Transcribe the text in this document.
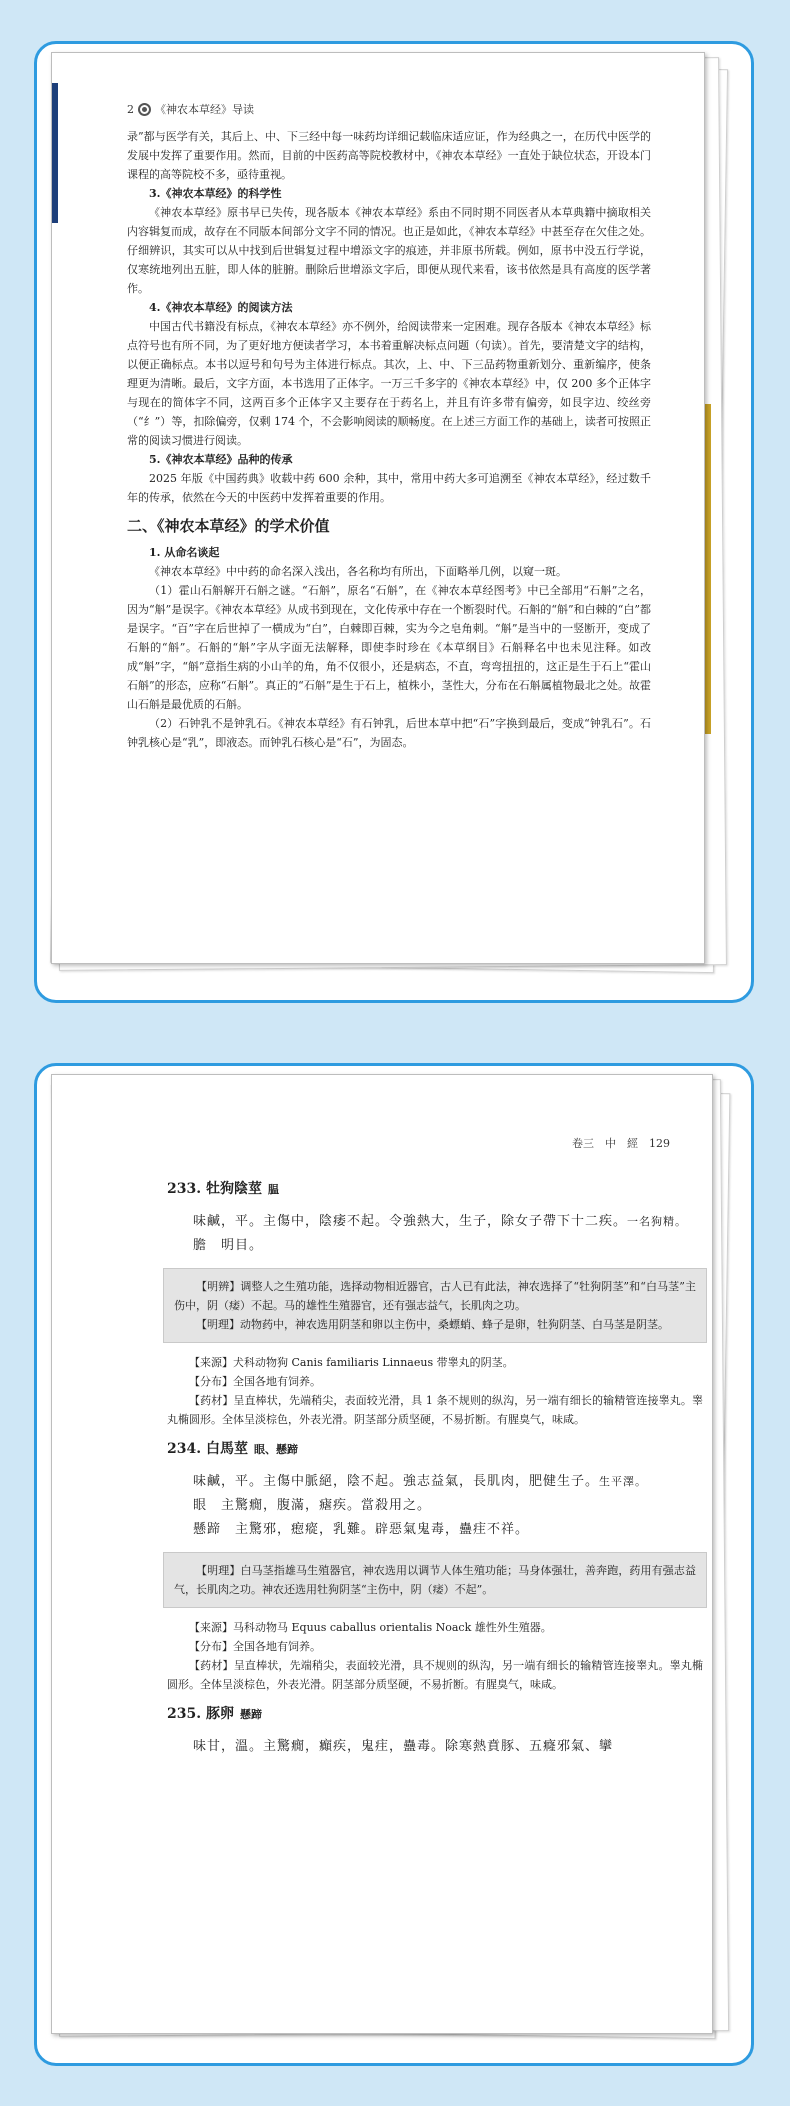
2 《神农本草经》导读

录”都与医学有关，其后上、中、下三经中每一味药均详细记载临床适应证，作为经典之一，在历代中医学的发展中发挥了重要作用。然而，目前的中医药高等院校教材中，《神农本草经》一直处于缺位状态，开设本门课程的高等院校不多，亟待重视。

3.《神农本草经》的科学性

《神农本草经》原书早已失传，现各版本《神农本草经》系由不同时期不同医者从本草典籍中摘取相关内容辑复而成，故存在不同版本间部分文字不同的情况。也正是如此，《神农本草经》中甚至存在欠佳之处。仔细辨识，其实可以从中找到后世辑复过程中增添文字的痕迹，并非原书所载。例如，原书中没五行学说，仅寒统地列出五脏，即人体的脏腑。删除后世增添文字后，即便从现代来看，该书依然是具有高度的医学著作。

4.《神农本草经》的阅读方法

中国古代书籍没有标点，《神农本草经》亦不例外，给阅读带来一定困难。现存各版本《神农本草经》标点符号也有所不同，为了更好地方便读者学习，本书着重解决标点问题（句读）。首先，要清楚文字的结构，以便正确标点。本书以逗号和句号为主体进行标点。其次，上、中、下三品药物重新划分、重新编序，使条理更为清晰。最后，文字方面，本书选用了正体字。一万三千多字的《神农本草经》中，仅 200 多个正体字与现在的简体字不同，这两百多个正体字又主要存在于药名上，并且有许多带有偏旁，如艮字边、绞丝旁（“纟”）等，扣除偏旁，仅剩 174 个，不会影响阅读的顺畅度。在上述三方面工作的基础上，读者可按照正常的阅读习惯进行阅读。

5.《神农本草经》品种的传承

2025 年版《中国药典》收载中药 600 余种，其中，常用中药大多可追溯至《神农本草经》，经过数千年的传承，依然在今天的中医药中发挥着重要的作用。

二、《神农本草经》的学术价值
1. 从命名谈起

《神农本草经》中中药的命名深入浅出，各名称均有所出，下面略举几例，以窥一斑。

（1）霍山石斛解开石斛之谜。“石斛”，原名“石斛”，在《神农本草经图考》中已全部用“石斛”之名，因为“斛”是误字。《神农本草经》从成书到现在，文化传承中存在一个断裂时代。石斛的“斛”和白棘的“白”都是误字。“百”字在后世掉了一横成为“白”，白棘即百棘，实为今之皂角刺。“斛”是当中的一竖断开，变成了石斛的“斛”。石斛的“斛”字从字面无法解释，即使李时珍在《本草纲目》石斛释名中也未见注释。如改成“斛”字，“斛”意指生病的小山羊的角，角不仅很小，还是病态，不直，弯弯扭扭的，这正是生于石上“霍山石斛”的形态，应称“石斛”。真正的“石斛”是生于石上，植株小，茎性大，分布在石斛属植物最北之处。故霍山石斛是最优质的石斛。

（2）石钟乳不是钟乳石。《神农本草经》有石钟乳，后世本草中把“石”字换到最后，变成“钟乳石”。石钟乳核心是“乳”，即液态。而钟乳石核心是“石”，为固态。

卷三　中　經　129

233. 牡狗陰莖 腽

味鹹，平。主傷中，陰痿不起。令強熱大，生子，除女子帶下十二疾。一名狗精。

膽　明目。

【明辨】调整人之生殖功能，选择动物相近器官，古人已有此法，神农选择了“牡狗阴茎”和“白马茎”主伤中，阴（痿）不起。马的雄性生殖器官，还有强志益气，长肌肉之功。

【明理】动物药中，神农选用阴茎和卵以主伤中，桑螵蛸、蜂子是卵，牡狗阴茎、白马茎是阴茎。

【来源】犬科动物狗 Canis familiaris Linnaeus 带睾丸的阴茎。

【分布】全国各地有饲养。

【药材】呈直棒状，先端稍尖，表面较光滑，具 1 条不规则的纵沟，另一端有细长的输精管连接睾丸。睾丸椭圆形。全体呈淡棕色，外表光滑。阴茎部分质坚硬，不易折断。有腥臭气，味咸。

234. 白馬莖 眼、懸蹄

味鹹，平。主傷中脈絕，陰不起。強志益氣，長肌肉，肥健生子。生平澤。

眼　主驚癇，腹滿，瘧疾。當殺用之。

懸蹄　主驚邪，瘛瘲，乳難。辟惡氣鬼毒，蠱疰不祥。

【明理】白马茎指雄马生殖器官，神农选用以调节人体生殖功能；马身体强壮，善奔跑，药用有强志益气，长肌肉之功。神农还选用牡狗阴茎“主伤中，阴（痿）不起”。

【来源】马科动物马 Equus caballus orientalis Noack 雄性外生殖器。

【分布】全国各地有饲养。

【药材】呈直棒状，先端稍尖，表面较光滑，具不规则的纵沟，另一端有细长的输精管连接睾丸。睾丸椭圆形。全体呈淡棕色，外表光滑。阴茎部分质坚硬，不易折断。有腥臭气，味咸。

235. 豚卵 懸蹄

味甘，溫。主驚癇，癲疾，鬼疰，蠱毒。除寒熱賁豚、五癃邪氣、攣
